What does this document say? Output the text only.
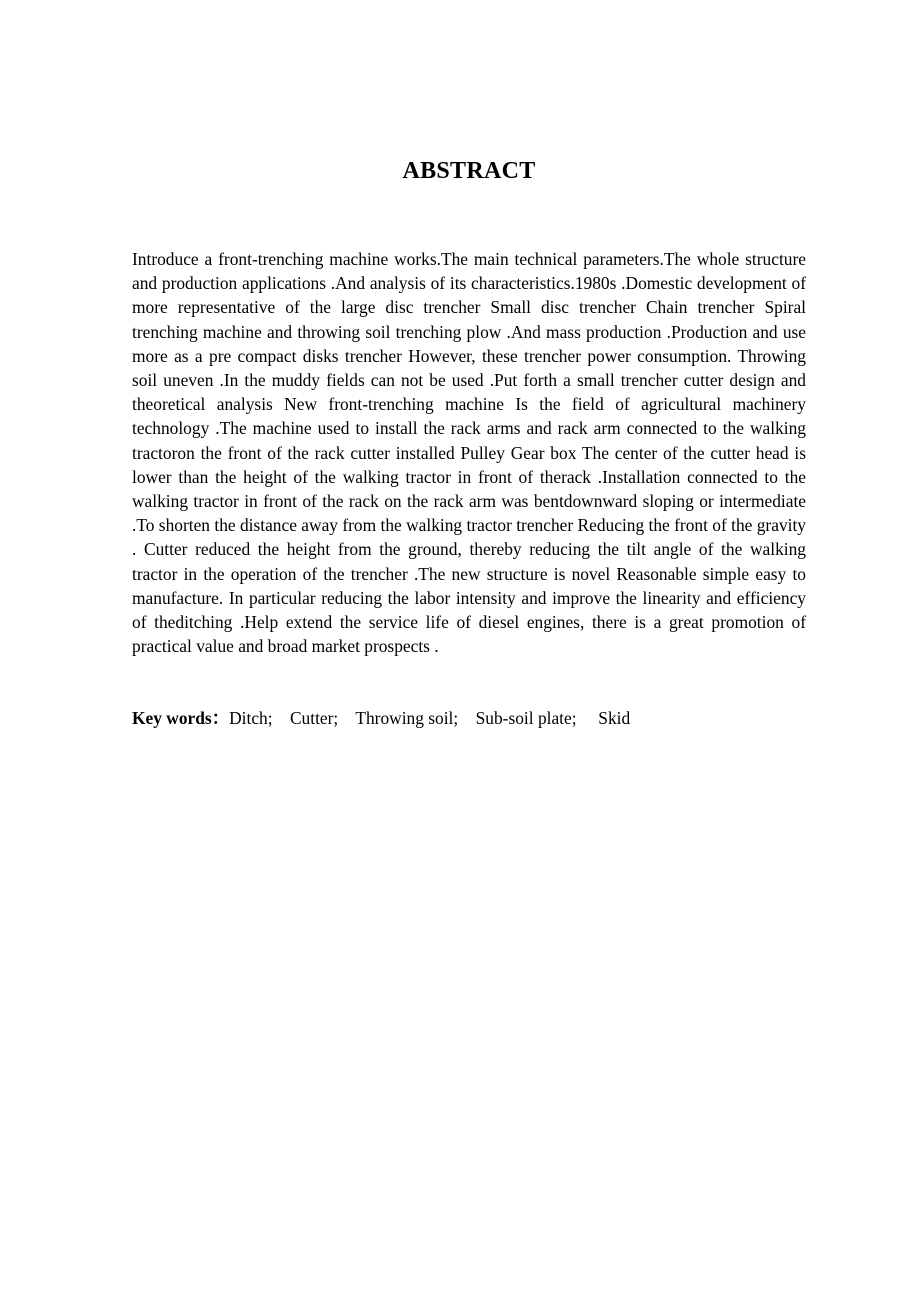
ABSTRACT

Introduce a front-trenching machine works.The main technical parameters.The whole structure and production applications .And analysis of its characteristics.1980s .Domestic development of more representative of the large disc trencher Small disc trencher Chain trencher Spiral trenching machine and throwing soil trenching plow .And mass production .Production and use more as a pre compact disks trencher However, these trencher power consumption. Throwing soil uneven .In the muddy fields can not be used .Put forth a small trencher cutter design and theoretical analysis New front-trenching machine Is the field of agricultural machinery technology .The machine used to install the rack arms and rack arm connected to the walking tractoron the front of the rack cutter installed Pulley Gear box The center of the cutter head is lower than the height of the walking tractor in front of therack .Installation connected to the walking tractor in front of the rack on the rack arm was bentdownward sloping or intermediate .To shorten the distance away from the walking tractor trencher Reducing the front of the gravity . Cutter reduced the height from the ground, thereby reducing the tilt angle of the walking tractor in the operation of the trencher .The new structure is novel Reasonable simple easy to manufacture. In particular reducing the labor intensity and improve the linearity and efficiency of theditching .Help extend the service life of diesel engines, there is a great promotion of practical value and broad market prospects .

Key words：Ditch;    Cutter;    Throwing soil;    Sub-soil plate;     Skid
